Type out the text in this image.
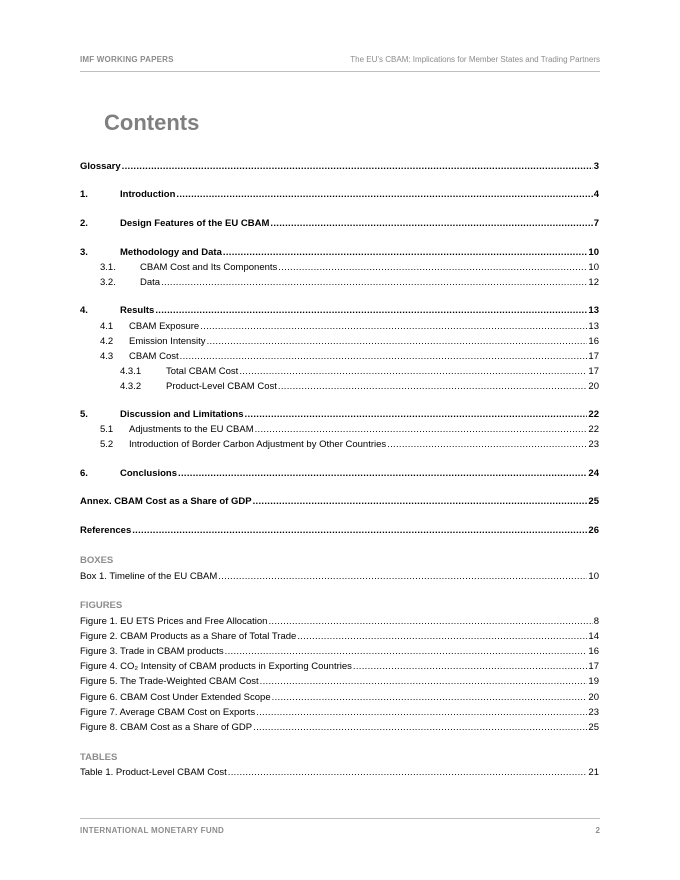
IMF WORKING PAPERS	The EU’s CBAM: Implications for Member States and Trading Partners
Contents
Glossary .....	3
1.	Introduction .....	4
2.	Design Features of the EU CBAM .....	7
3.	Methodology and Data .....	10
3.1.	CBAM Cost and Its Components .....	10
3.2.	Data .....	12
4.	Results .....	13
4.1	CBAM Exposure .....	13
4.2	Emission Intensity .....	16
4.3	CBAM Cost .....	17
4.3.1	Total CBAM Cost .....	17
4.3.2	Product-Level CBAM Cost .....	20
5.	Discussion and Limitations .....	22
5.1	Adjustments to the EU CBAM .....	22
5.2	Introduction of Border Carbon Adjustment by Other Countries .....	23
6.	Conclusions .....	24
Annex. CBAM Cost as a Share of GDP .....	25
References .....	26
Box 1. Timeline of the EU CBAM .....	10
Figure 1. EU ETS Prices and Free Allocation .....	8
Figure 2. CBAM Products as a Share of Total Trade .....	14
Figure 3. Trade in CBAM products .....	16
Figure 4. CO₂ Intensity of CBAM products in Exporting Countries .....	17
Figure 5. The Trade-Weighted CBAM Cost .....	19
Figure 6. CBAM Cost Under Extended Scope .....	20
Figure 7. Average CBAM Cost on Exports .....	23
Figure 8. CBAM Cost as a Share of GDP .....	25
Table 1. Product-Level CBAM Cost .....	21
BOXES
FIGURES
TABLES
INTERNATIONAL MONETARY FUND	2
